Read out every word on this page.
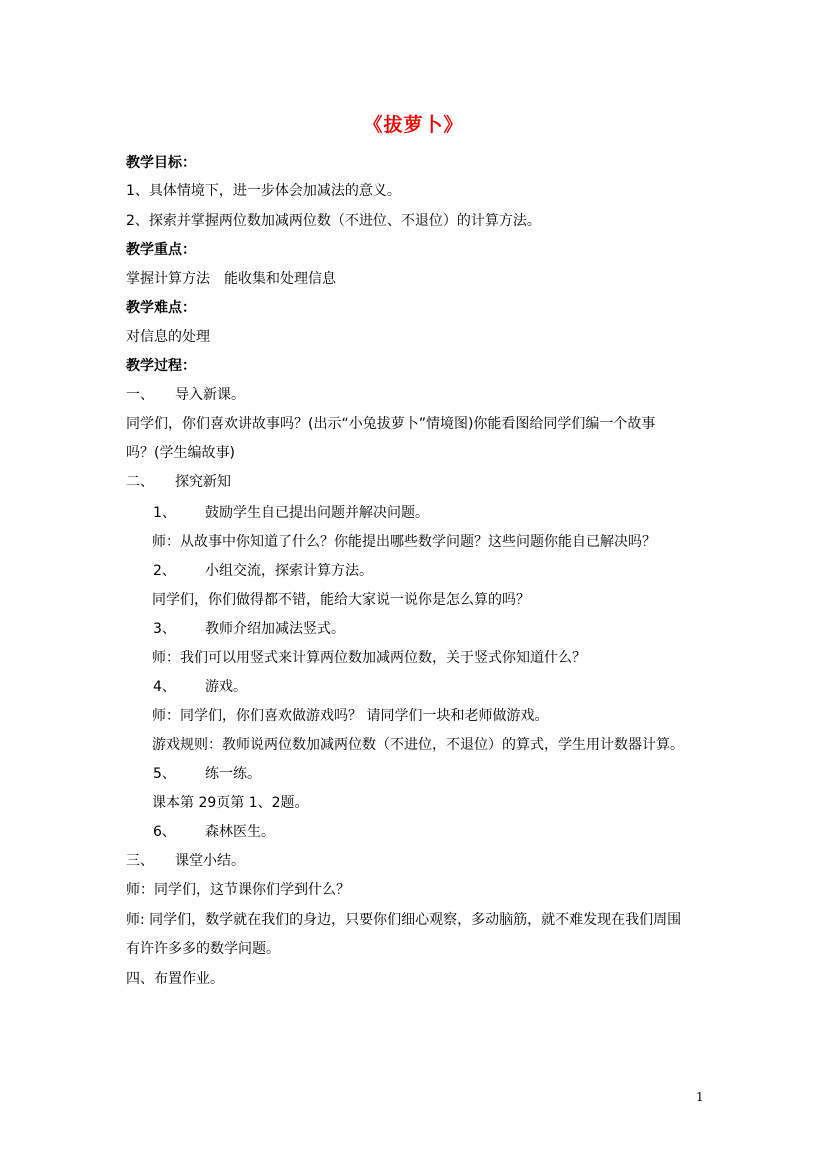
《拔萝卜》
教学目标：
1、具体情境下，进一步体会加减法的意义。
2、探索并掌握两位数加减两位数（不进位、不退位）的计算方法。
教学重点：
掌握计算方法　能收集和处理信息
教学难点：
对信息的处理
教学过程：
一、 导入新课。
同学们，你们喜欢讲故事吗？(出示“小兔拔萝卜”情境图)你能看图给同学们编一个故事
吗？(学生编故事)
二、 探究新知
1、 鼓励学生自已提出问题并解决问题。
师：从故事中你知道了什么？你能提出哪些数学问题？这些问题你能自已解决吗？
2、 小组交流，探索计算方法。
同学们，你们做得都不错，能给大家说一说你是怎么算的吗？
3、 教师介绍加减法竖式。
师：我们可以用竖式来计算两位数加减两位数，关于竖式你知道什么？
4、 游戏。
师：同学们，你们喜欢做游戏吗？ 请同学们一块和老师做游戏。
游戏规则：教师说两位数加减两位数（不进位，不退位）的算式，学生用计数器计算。
5、 练一练。
课本第 29页第 1、2题。
6、 森林医生。
三、 课堂小结。
师：同学们，这节课你们学到什么？
师: 同学们，数学就在我们的身边，只要你们细心观察，多动脑筋，就不难发现在我们周围
有许许多多的数学问题。
四、布置作业。
1
